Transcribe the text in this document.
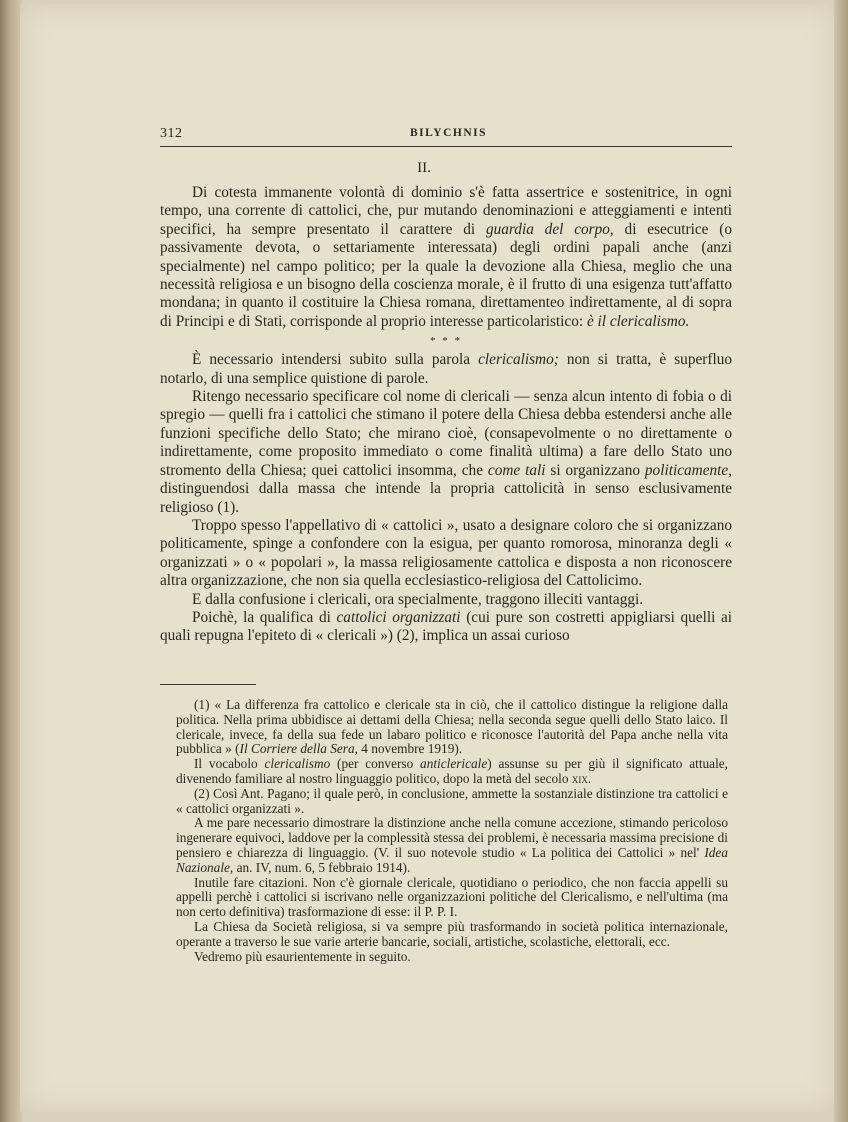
312	BILYCHNIS
II.

Di cotesta immanente volontà di dominio s'è fatta assertrice e sostenitrice, in ogni tempo, una corrente di cattolici, che, pur mutando denominazioni e atteggiamenti e intenti specifici, ha sempre presentato il carattere di guardia del corpo, di esecutrice (o passivamente devota, o settariamente interessata) degli ordini papali anche (anzi specialmente) nel campo politico; per la quale la devozione alla Chiesa, meglio che una necessità religiosa e un bisogno della coscienza morale, è il frutto di una esigenza tutt'affatto mondana; in quanto il costituire la Chiesa romana, direttamenteo indirettamente, al di sopra di Principi e di Stati, corrisponde al proprio interesse particolaristico: è il clericalismo.

* * *

È necessario intendersi subito sulla parola clericalismo; non si tratta, è superfluo notarlo, di una semplice quistione di parole.

Ritengo necessario specificare col nome di clericali — senza alcun intento di fobia o di spregio — quelli fra i cattolici che stimano il potere della Chiesa debba estendersi anche alle funzioni specifiche dello Stato; che mirano cioè, (consapevolmente o no direttamente o indirettamente, come proposito immediato o come finalità ultima) a fare dello Stato uno stromento della Chiesa; quei cattolici insomma, che come tali si organizzano politicamente, distinguendosi dalla massa che intende la propria cattolicità in senso esclusivamente religioso (1).

Troppo spesso l'appellativo di « cattolici », usato a designare coloro che si organizzano politicamente, spinge a confondere con la esigua, per quanto romorosa, minoranza degli « organizzati » o « popolari », la massa religiosamente cattolica e disposta a non riconoscere altra organizzazione, che non sia quella ecclesiastico-religiosa del Cattolicimo.

E dalla confusione i clericali, ora specialmente, traggono illeciti vantaggi.

Poichè, la qualifica di cattolici organizzati (cui pure son costretti appigliarsi quelli ai quali repugna l'epiteto di « clericali ») (2), implica un assai curioso

(1) « La differenza fra cattolico e clericale sta in ciò, che il cattolico distingue la religione dalla politica. Nella prima ubbidisce ai dettami della Chiesa; nella seconda segue quelli dello Stato laico. Il clericale, invece, fa della sua fede un labaro politico e riconosce l'autorità del Papa anche nella vita pubblica » (Il Corriere della Sera, 4 novembre 1919).

Il vocabolo clericalismo (per converso anticlericale) assunse su per giù il significato attuale, divenendo familiare al nostro linguaggio politico, dopo la metà del secolo xix.

(2) Così Ant. Pagano; il quale però, in conclusione, ammette la sostanziale distinzione tra cattolici e « cattolici organizzati ».

A me pare necessario dimostrare la distinzione anche nella comune accezione, stimando pericoloso ingenerare equivoci, laddove per la complessità stessa dei problemi, è necessaria massima precisione di pensiero e chiarezza di linguaggio. (V. il suo notevole studio « La politica dei Cattolici » nel' Idea Nazionale, an. IV, num. 6, 5 febbraio 1914).

Inutile fare citazioni. Non c'è giornale clericale, quotidiano o periodico, che non faccia appelli su appelli perchè i cattolici si iscrivano nelle organizzazioni politiche del Clericalismo, e nell'ultima (ma non certo definitiva) trasformazione di esse: il P. P. I.

La Chiesa da Società religiosa, si va sempre più trasformando in società politica internazionale, operante a traverso le sue varie arterie bancarie, sociali, artistiche, scolastiche, elettorali, ecc.

Vedremo più esaurientemente in seguito.
